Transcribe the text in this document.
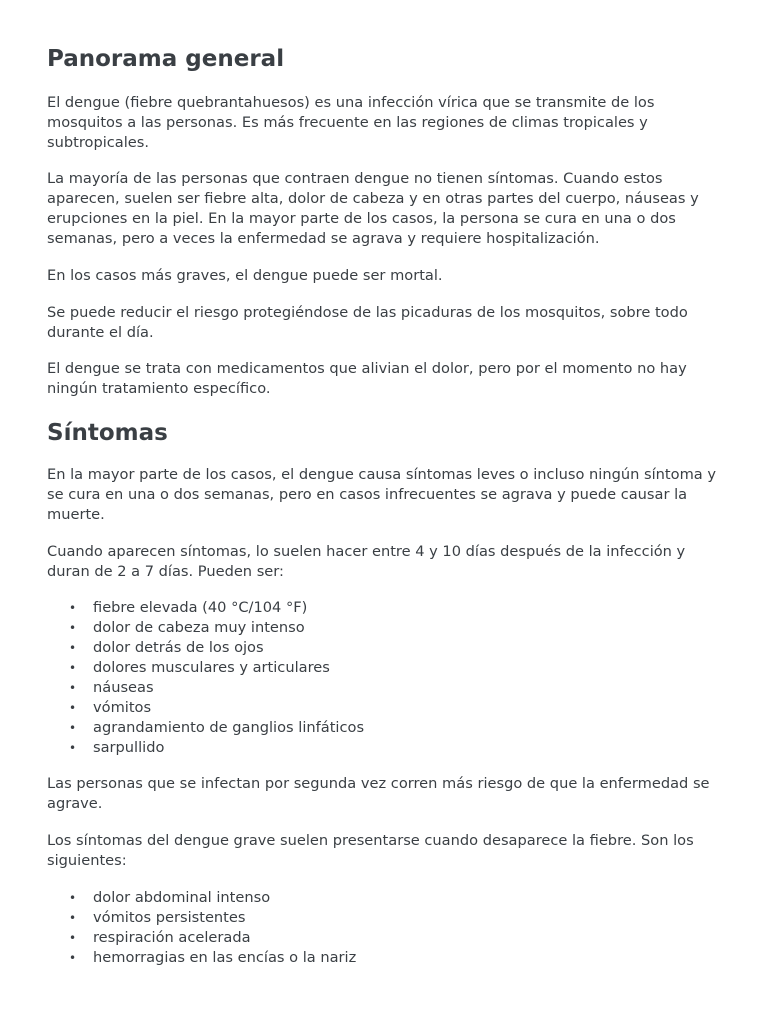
Panorama general

El dengue (fiebre quebrantahuesos) es una infección vírica que se transmite de los mosquitos a las personas. Es más frecuente en las regiones de climas tropicales y subtropicales.

La mayoría de las personas que contraen dengue no tienen síntomas. Cuando estos aparecen, suelen ser fiebre alta, dolor de cabeza y en otras partes del cuerpo, náuseas y erupciones en la piel. En la mayor parte de los casos, la persona se cura en una o dos semanas, pero a veces la enfermedad se agrava y requiere hospitalización.

En los casos más graves, el dengue puede ser mortal.

Se puede reducir el riesgo protegiéndose de las picaduras de los mosquitos, sobre todo durante el día.

El dengue se trata con medicamentos que alivian el dolor, pero por el momento no hay ningún tratamiento específico.

Síntomas

En la mayor parte de los casos, el dengue causa síntomas leves o incluso ningún síntoma y se cura en una o dos semanas, pero en casos infrecuentes se agrava y puede causar la muerte.

Cuando aparecen síntomas, lo suelen hacer entre 4 y 10 días después de la infección y duran de 2 a 7 días. Pueden ser:

• fiebre elevada (40 °C/104 °F)
• dolor de cabeza muy intenso
• dolor detrás de los ojos
• dolores musculares y articulares
• náuseas
• vómitos
• agrandamiento de ganglios linfáticos
• sarpullido

Las personas que se infectan por segunda vez corren más riesgo de que la enfermedad se agrave.

Los síntomas del dengue grave suelen presentarse cuando desaparece la fiebre. Son los siguientes:

• dolor abdominal intenso
• vómitos persistentes
• respiración acelerada
• hemorragias en las encías o la nariz
